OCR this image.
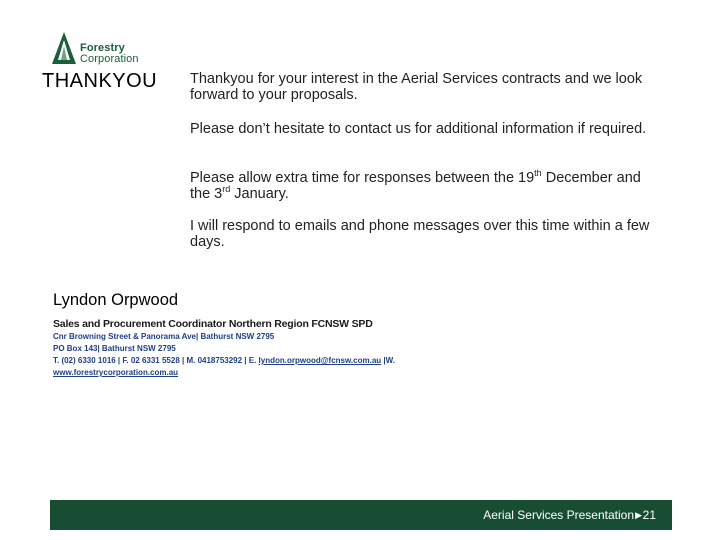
Forestry
Corporation
THANKYOU Thankyou for your interest in the Aerial Services contracts and we look forward to your proposals.
Please don’t hesitate to contact us for additional information if required.
Please allow extra time for responses between the 19th December and the 3rd January.
I will respond to emails and phone messages over this time within a few days.
Lyndon Orpwood
Sales and Procurement Coordinator Northern Region FCNSW SPD
Cnr Browning Street & Panorama Ave| Bathurst NSW 2795
PO Box 143| Bathurst NSW 2795
T. (02) 6330 1016 | F. 02 6331 5528 | M. 0418753292 | E. lyndon.orpwood@fcnsw.com.au |W.
www.forestrycorporation.com.au
Aerial Services Presentation ▶ 21
